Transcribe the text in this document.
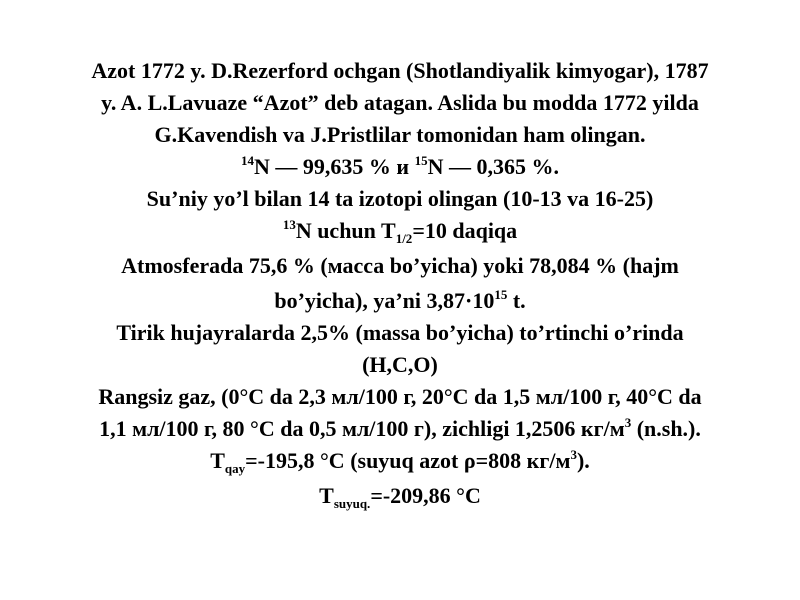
Azot 1772 y. D.Rezerford ochgan (Shotlandiyalik kimyogar), 1787
y. A. L.Lavuaze “Azot” deb atagan. Aslida bu modda 1772 yilda
G.Kavendish va J.Pristlilar tomonidan ham olingan.
$^{14}$N — 99,635 % и $^{15}$N — 0,365 %.
Su’niy yo’l bilan 14 ta izotopi olingan (10-13 va 16-25)
$^{13}$N uchun $T_{1/2}=10$ daqiqa
Atmosferada 75,6 % (масса bo’yicha) yoki 78,084 % (hajm
bo’yicha), ya’ni $3,87\cdot 10^{15}$ t.
Tirik hujayralarda 2,5% (massa bo’yicha) to’rtinchi o’rinda
(H,C,O)
Rangsiz gaz, (0°C da 2,3 мл/100 г, 20°C da 1,5 мл/100 г, 40°C da
1,1 мл/100 г, 80 °C da 0,5 мл/100 г), zichligi 1,2506 $кг/м^3$ (n.sh.).
$T_{qay}=-195,8$ °C (suyuq azot ρ=808 $кг/м^3$).
$T_{suyuq.}=-209,86$ °C
